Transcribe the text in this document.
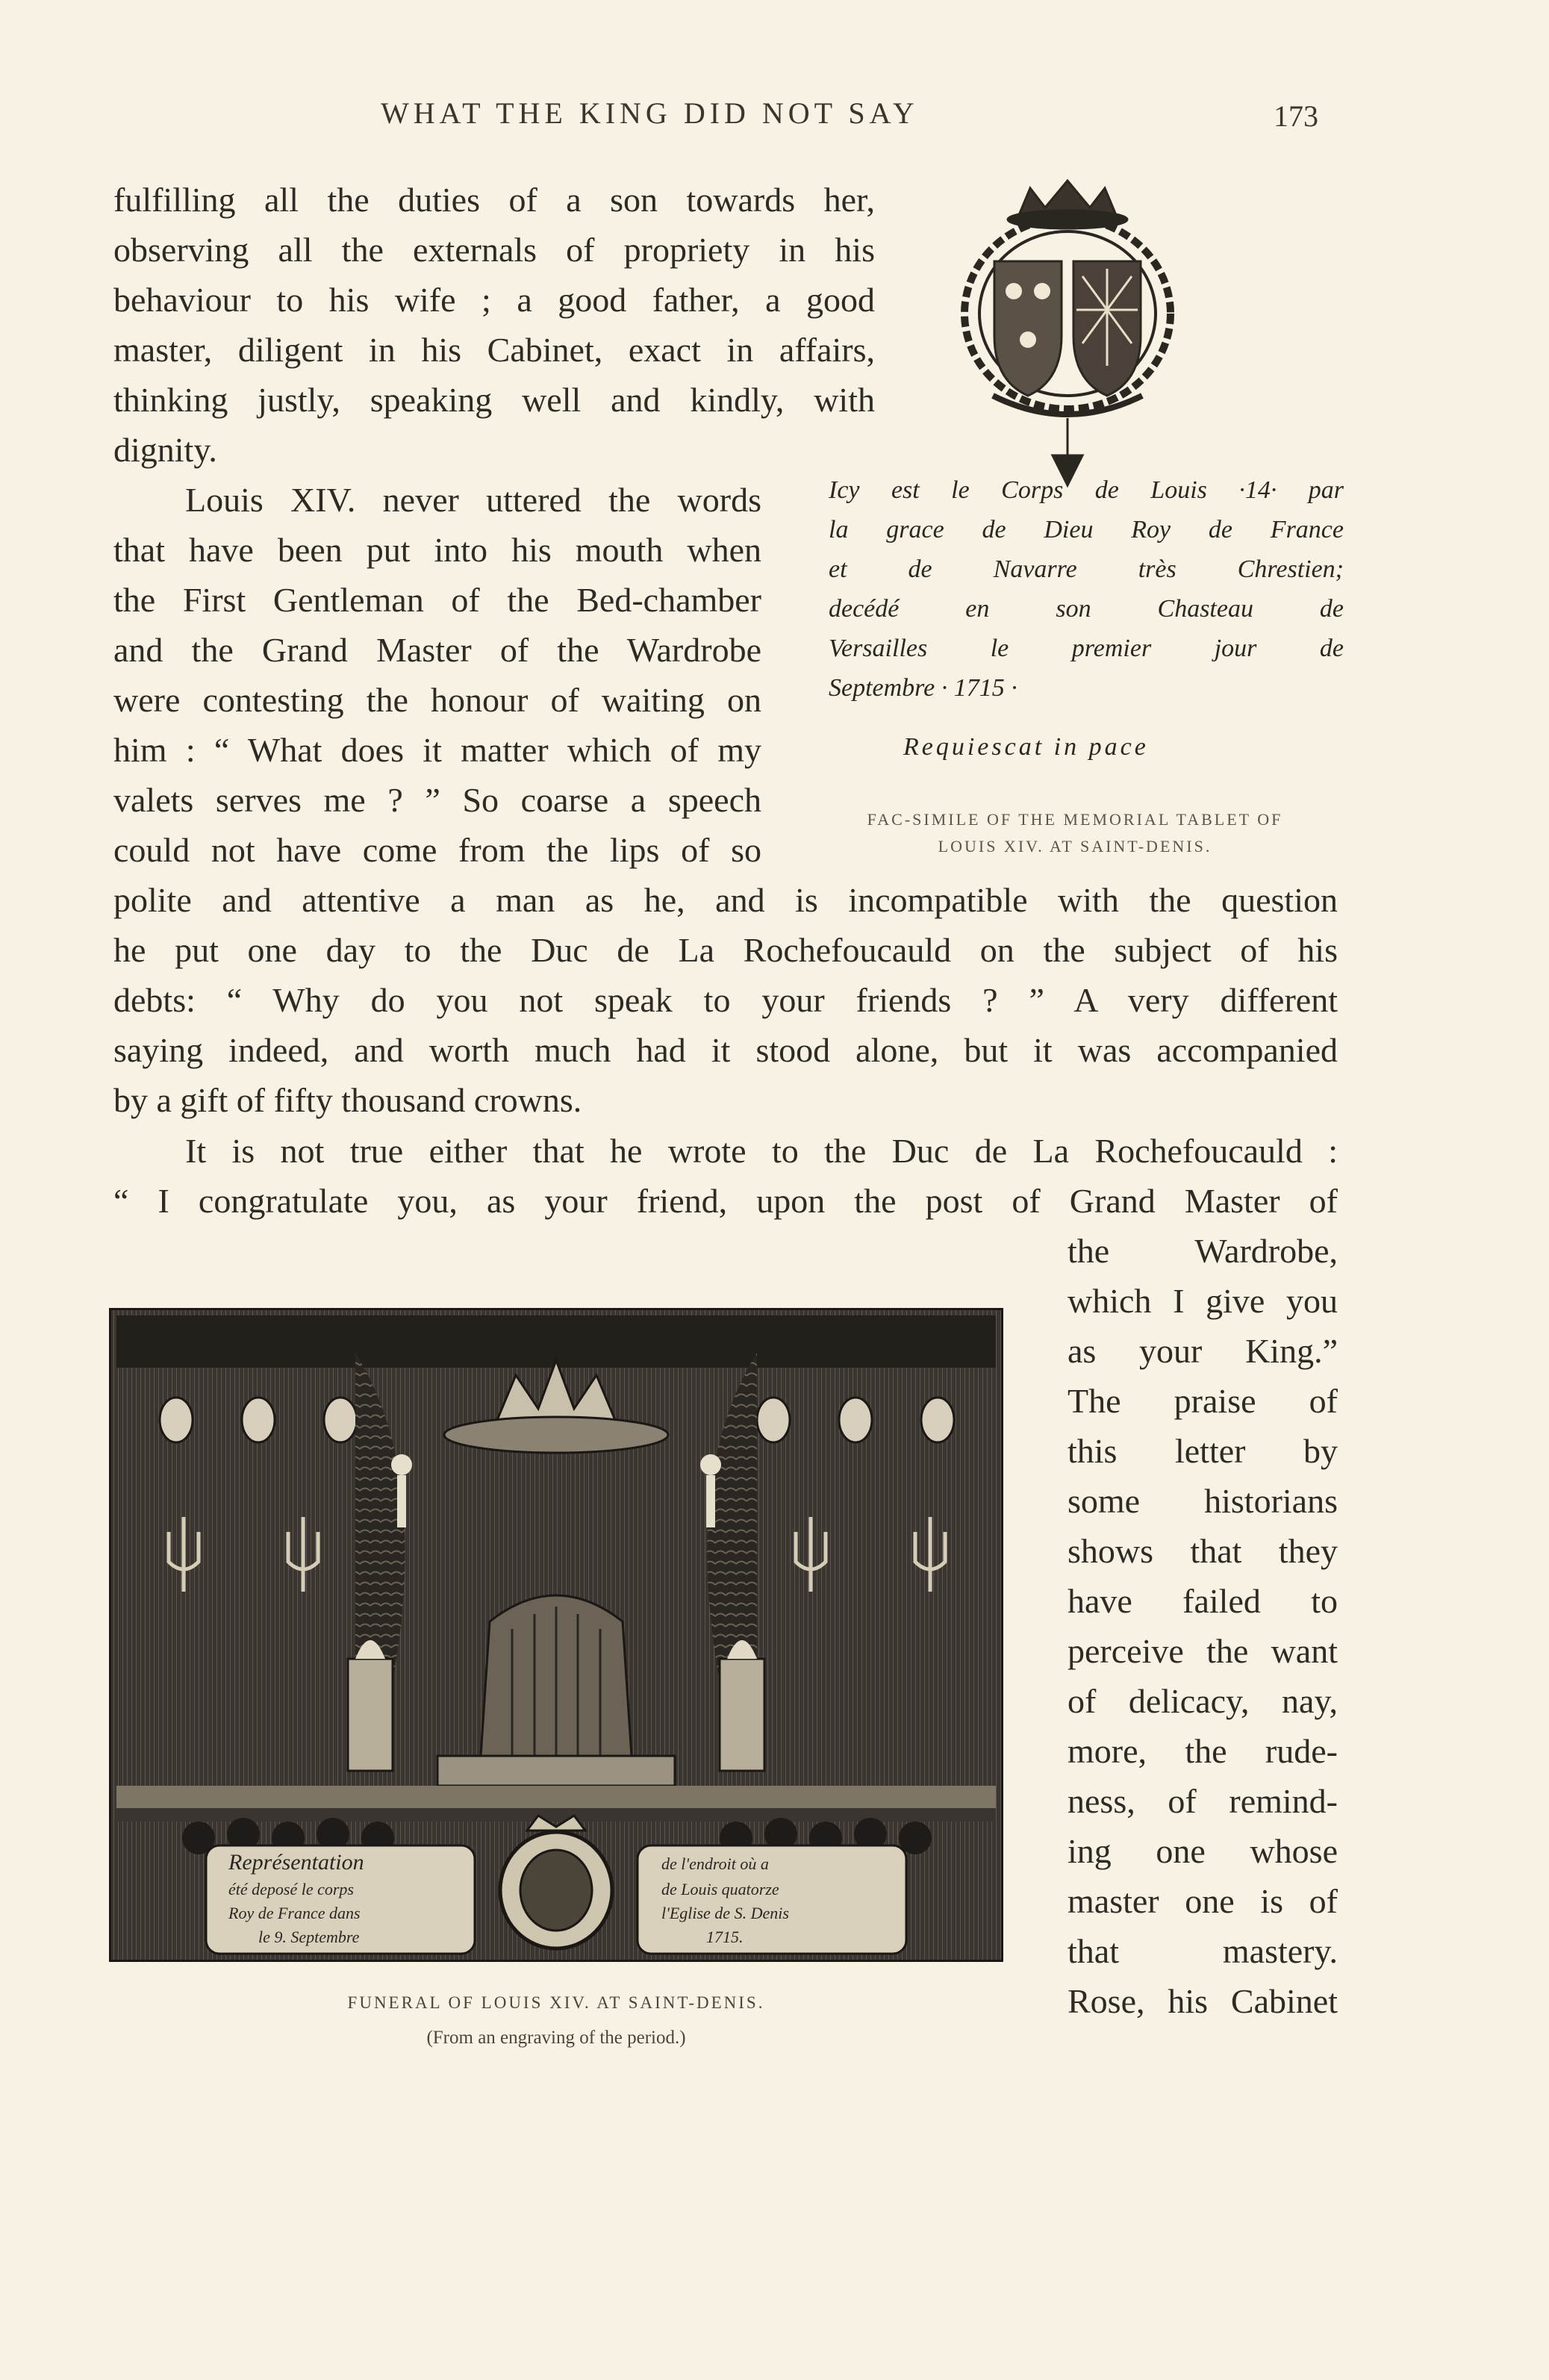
WHAT THE KING DID NOT SAY	173

fulfilling all the duties of a son towards her,
observing all the externals of propriety in his
behaviour to his wife ; a good father, a good
master, diligent in his Cabinet, exact in affairs,
thinking justly, speaking well and kindly, with
dignity.

Louis XIV. never uttered the words
that have been put into his mouth when
the First Gentleman of the Bed-chamber
and the Grand Master of the Wardrobe
were contesting the honour of waiting on
him : “ What does it matter which of my
valets serves me ? ” So coarse a speech
could not have come from the lips of so

polite and attentive a man as he, and is incompatible with the question
he put one day to the Duc de La Rochefoucauld on the subject of his
debts: “ Why do you not speak to your friends ? ” A very different
saying indeed, and worth much had it stood alone, but it was accompanied
by a gift of fifty thousand crowns.

It is not true either that he wrote to the Duc de La Rochefoucauld :
“ I congratulate you, as your friend, upon the post of Grand Master of

the Wardrobe,
which I give you
as your King.”
The praise of
this letter by
some historians
shows that they
have failed to
perceive the want
of delicacy, nay,
more, the rude-
ness, of remind-
ing one whose
master one is of
that mastery.
Rose, his Cabinet

Icy est le Corps de Louis ·14· par
la grace de Dieu Roy de France
et de Navarre très Chrestien;
decédé en son Chasteau de
Versailles le premier jour de
Septembre · 1715 ·
Requiescat in pace
FAC-SIMILE OF THE MEMORIAL TABLET OF
LOUIS XIV. AT SAINT-DENIS.
Représentation
été deposé le corps
Roy de France dans
le 9. Septembre
de l'endroit où a
de Louis quatorze
l'Eglise de S. Denis
1715.
FUNERAL OF LOUIS XIV. AT SAINT-DENIS.
(From an engraving of the period.)
